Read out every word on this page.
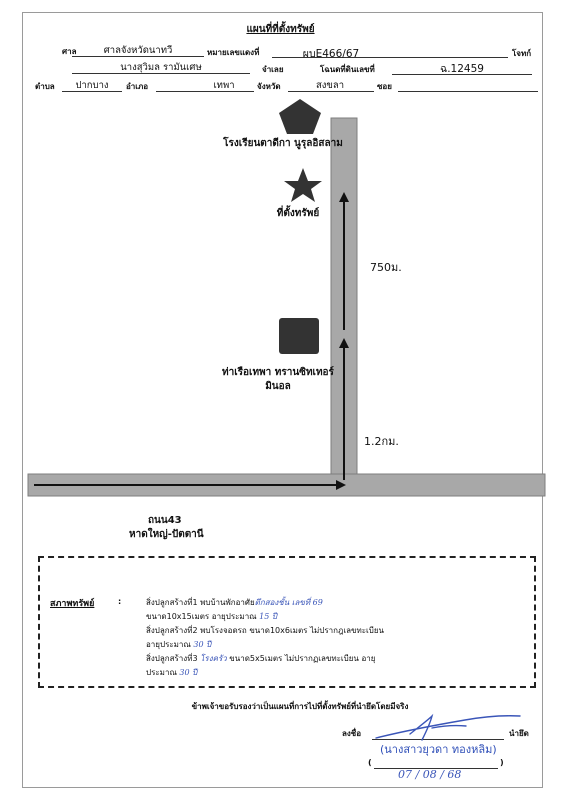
แผนที่ที่ตั้งทรัพย์
ศาล	ศาลจังหวัดนาทวี	หมายเลขแดงที่	ผบE466/67	โจทก์
นางสุวิมล รามันเศษ	จำเลย	โฉนดที่ดินเลขที่	ฉ.12459
ตำบล	ปากบาง	อำเภอ	เทพา	จังหวัด	สงขลา	ซอย
โรงเรียนตาดีกา นูรุลอิสลาม
ที่ตั้งทรัพย์
750ม.
ท่าเรือเทพา ทรานซิทเทอร์มินอล
1.2กม.
ถนน43
หาดใหญ่-ปัตตานี
สภาพทรัพย์	:	สิ่งปลูกสร้างที่1 พบบ้านพักอาศัยตึกสองชั้น เลขที่ 69
ขนาด10x15เมตร อายุประมาณ 15 ปี
สิ่งปลูกสร้างที่2 พบโรงจอดรถ ขนาด10x6เมตร ไม่ปรากฎเลขทะเบียน
อายุประมาณ 30 ปี
สิ่งปลูกสร้างที่3 โรงครัว ขนาด5x5เมตร ไม่ปรากฏเลขทะเบียน อายุ
ประมาณ 30 ปี
ข้าพเจ้าขอรับรองว่าเป็นแผนที่การไปที่ตั้งทรัพย์ที่นำยึดโดยมีจริง
ลงชื่อ	นำยึด
(นางสาวยุวดา ทองหลิม)
(	)
07 / 08 / 68
